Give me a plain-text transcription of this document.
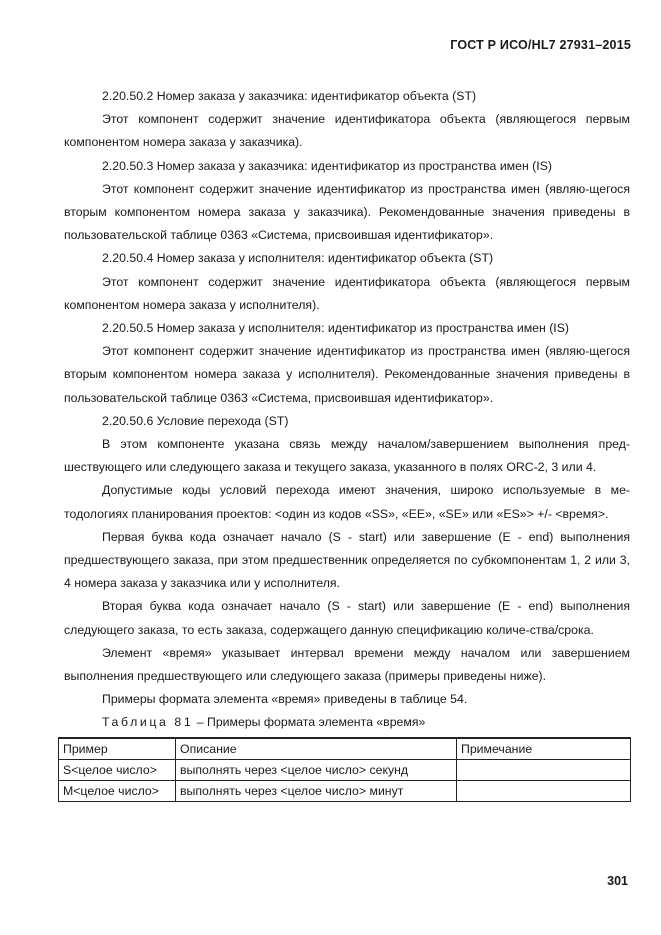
ГОСТ Р ИСО/HL7 27931–2015

2.20.50.2 Номер заказа у заказчика: идентификатор объекта (ST)

Этот компонент содержит значение идентификатора объекта (являющегося первым компонентом номера заказа у заказчика).

2.20.50.3 Номер заказа у заказчика: идентификатор из пространства имен (IS)

Этот компонент содержит значение идентификатор из пространства имен (являю-щегося вторым компонентом номера заказа у заказчика). Рекомендованные значения приведены в пользовательской таблице 0363 «Система, присвоившая идентификатор».

2.20.50.4 Номер заказа у исполнителя: идентификатор объекта (ST)

Этот компонент содержит значение идентификатора объекта (являющегося первым компонентом номера заказа у исполнителя).

2.20.50.5 Номер заказа у исполнителя: идентификатор из пространства имен (IS)

Этот компонент содержит значение идентификатор из пространства имен (являю-щегося вторым компонентом номера заказа у исполнителя). Рекомендованные значения приведены в пользовательской таблице 0363 «Система, присвоившая идентификатор».

2.20.50.6 Условие перехода (ST)

В этом компоненте указана связь между началом/завершением выполнения пред-шествующего или следующего заказа и текущего заказа, указанного в полях ORC-2, 3 или 4.

Допустимые коды условий перехода имеют значения, широко используемые в ме-тодологиях планирования проектов: <один из кодов «SS», «EE», «SE» или «ES»> +/- <время>.

Первая буква кода означает начало (S - start) или завершение (E - end) выполнения предшествующего заказа, при этом предшественник определяется по субкомпонентам 1, 2 или 3, 4 номера заказа у заказчика или у исполнителя.

Вторая буква кода означает начало (S - start) или завершение (E - end) выполнения следующего заказа, то есть заказа, содержащего данную спецификацию количе-ства/срока.

Элемент «время» указывает интервал времени между началом или завершением выполнения предшествующего или следующего заказа (примеры приведены ниже).

Примеры формата элемента «время» приведены в таблице 54.

Таблица 81 – Примеры формата элемента «время»

Пример	Описание	Примечание
S<целое число>	выполнять через <целое число> секунд	
M<целое число>	выполнять через <целое число> минут	
301
